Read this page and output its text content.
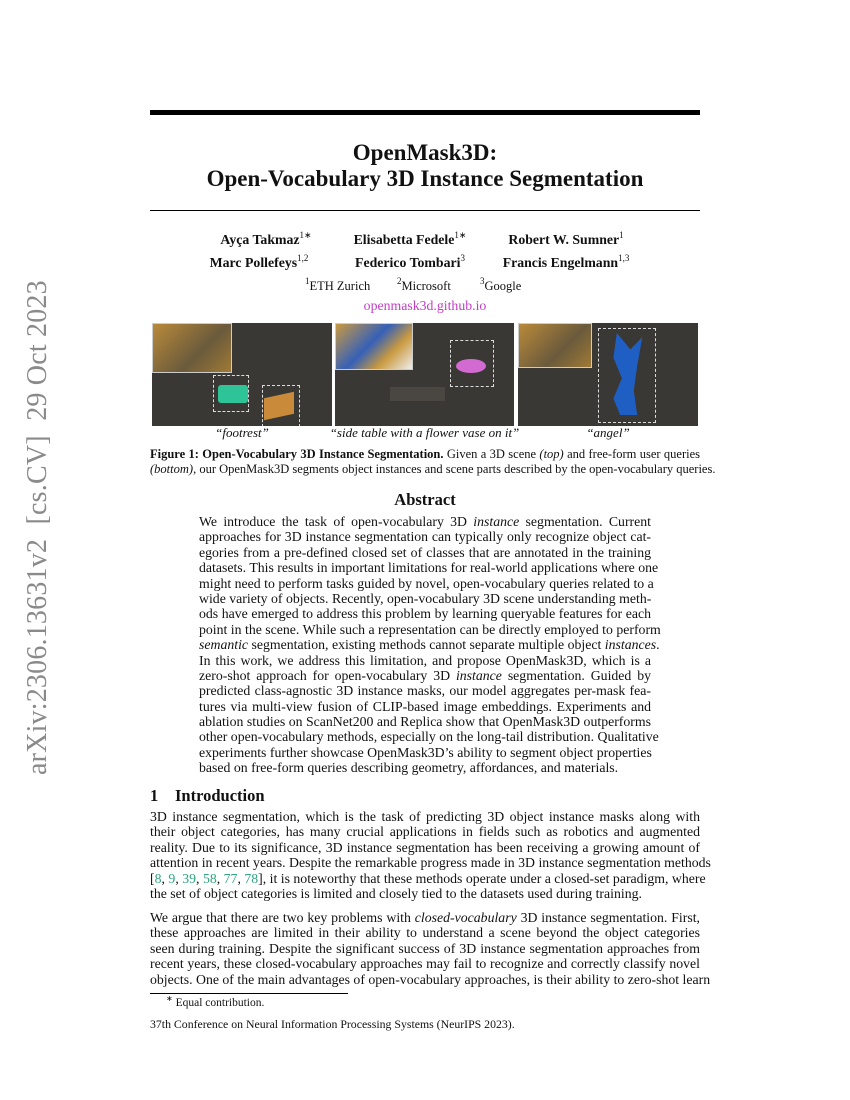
arXiv:2306.13631v2  [cs.CV]  29 Oct 2023
OpenMask3D:
Open-Vocabulary 3D Instance Segmentation
Ayça Takmaz$^{1∗}$	Elisabetta Fedele$^{1∗}$	Robert W. Sumner$^1$
Marc Pollefeys$^{1,2}$	Federico Tombari$^3$	Francis Engelmann$^{1,3}$
$^1$ETH Zurich	$^2$Microsoft	$^3$Google
openmask3d.github.io
“footrest”	“side table with a flower vase on it”	“angel”
Figure 1: Open-Vocabulary 3D Instance Segmentation. Given a 3D scene (top) and free-form user queries
(bottom), our OpenMask3D segments object instances and scene parts described by the open-vocabulary queries.
Abstract
We introduce the task of open-vocabulary 3D instance segmentation. Current
approaches for 3D instance segmentation can typically only recognize object cat-
egories from a pre-defined closed set of classes that are annotated in the training
datasets. This results in important limitations for real-world applications where one
might need to perform tasks guided by novel, open-vocabulary queries related to a
wide variety of objects. Recently, open-vocabulary 3D scene understanding meth-
ods have emerged to address this problem by learning queryable features for each
point in the scene. While such a representation can be directly employed to perform
semantic segmentation, existing methods cannot separate multiple object instances.
In this work, we address this limitation, and propose OpenMask3D, which is a
zero-shot approach for open-vocabulary 3D instance segmentation. Guided by
predicted class-agnostic 3D instance masks, our model aggregates per-mask fea-
tures via multi-view fusion of CLIP-based image embeddings. Experiments and
ablation studies on ScanNet200 and Replica show that OpenMask3D outperforms
other open-vocabulary methods, especially on the long-tail distribution. Qualitative
experiments further showcase OpenMask3D’s ability to segment object properties
based on free-form queries describing geometry, affordances, and materials.
1 Introduction
3D instance segmentation, which is the task of predicting 3D object instance masks along with
their object categories, has many crucial applications in fields such as robotics and augmented
reality. Due to its significance, 3D instance segmentation has been receiving a growing amount of
attention in recent years. Despite the remarkable progress made in 3D instance segmentation methods
[8, 9, 39, 58, 77, 78], it is noteworthy that these methods operate under a closed-set paradigm, where
the set of object categories is limited and closely tied to the datasets used during training.
We argue that there are two key problems with closed-vocabulary 3D instance segmentation. First,
these approaches are limited in their ability to understand a scene beyond the object categories
seen during training. Despite the significant success of 3D instance segmentation approaches from
recent years, these closed-vocabulary approaches may fail to recognize and correctly classify novel
objects. One of the main advantages of open-vocabulary approaches, is their ability to zero-shot learn
∗ Equal contribution.
37th Conference on Neural Information Processing Systems (NeurIPS 2023).
